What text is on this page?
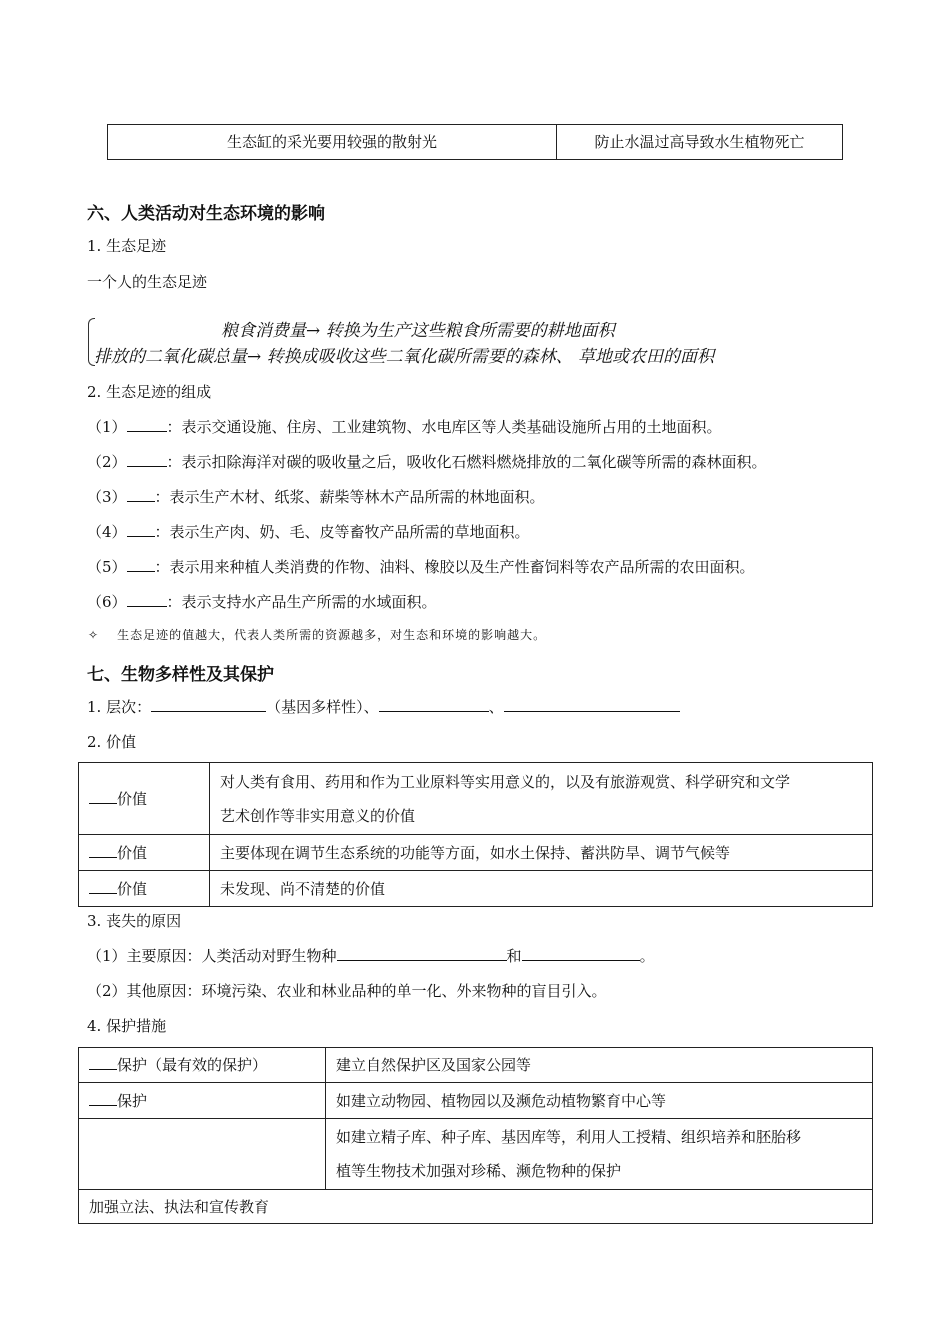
生态缸的采光要用较强的散射光	防止水温过高导致水生植物死亡
六、人类活动对生态环境的影响
1. 生态足迹
一个人的生态足迹
粮食消费量→ 转换为生产这些粮食所需要的耕地面积
排放的二氧化碳总量→ 转换成吸收这些二氧化碳所需要的森林、 草地或农田的面积
2. 生态足迹的组成
（1）	：表示交通设施、住房、工业建筑物、水电库区等人类基础设施所占用的土地面积。
（2）	：表示扣除海洋对碳的吸收量之后，吸收化石燃料燃烧排放的二氧化碳等所需的森林面积。
（3） ：表示生产木材、纸浆、薪柴等林木产品所需的林地面积。
（4） ：表示生产肉、奶、毛、皮等畜牧产品所需的草地面积。
（5） ：表示用来种植人类消费的作物、油料、橡胶以及生产性畜饲料等农产品所需的农田面积。
（6）	：表示支持水产品生产所需的水域面积。
✧ 生态足迹的值越大，代表人类所需的资源越多，对生态和环境的影响越大。
七、生物多样性及其保护
1. 层次：	（基因多样性）、	、
2. 价值
价值	对人类有食用、药用和作为工业原料等实用意义的，以及有旅游观赏、科学研究和文学
艺术创作等非实用意义的价值
价值	主要体现在调节生态系统的功能等方面，如水土保持、蓄洪防旱、调节气候等
价值	未发现、尚不清楚的价值
3. 丧失的原因
（1）主要原因：人类活动对野生物种	和	。
（2）其他原因：环境污染、农业和林业品种的单一化、外来物种的盲目引入。
4. 保护措施
保护（最有效的保护）	建立自然保护区及国家公园等
保护	如建立动物园、植物园以及濒危动植物繁育中心等
	如建立精子库、种子库、基因库等，利用人工授精、组织培养和胚胎移
植等生物技术加强对珍稀、濒危物种的保护
加强立法、执法和宣传教育	
